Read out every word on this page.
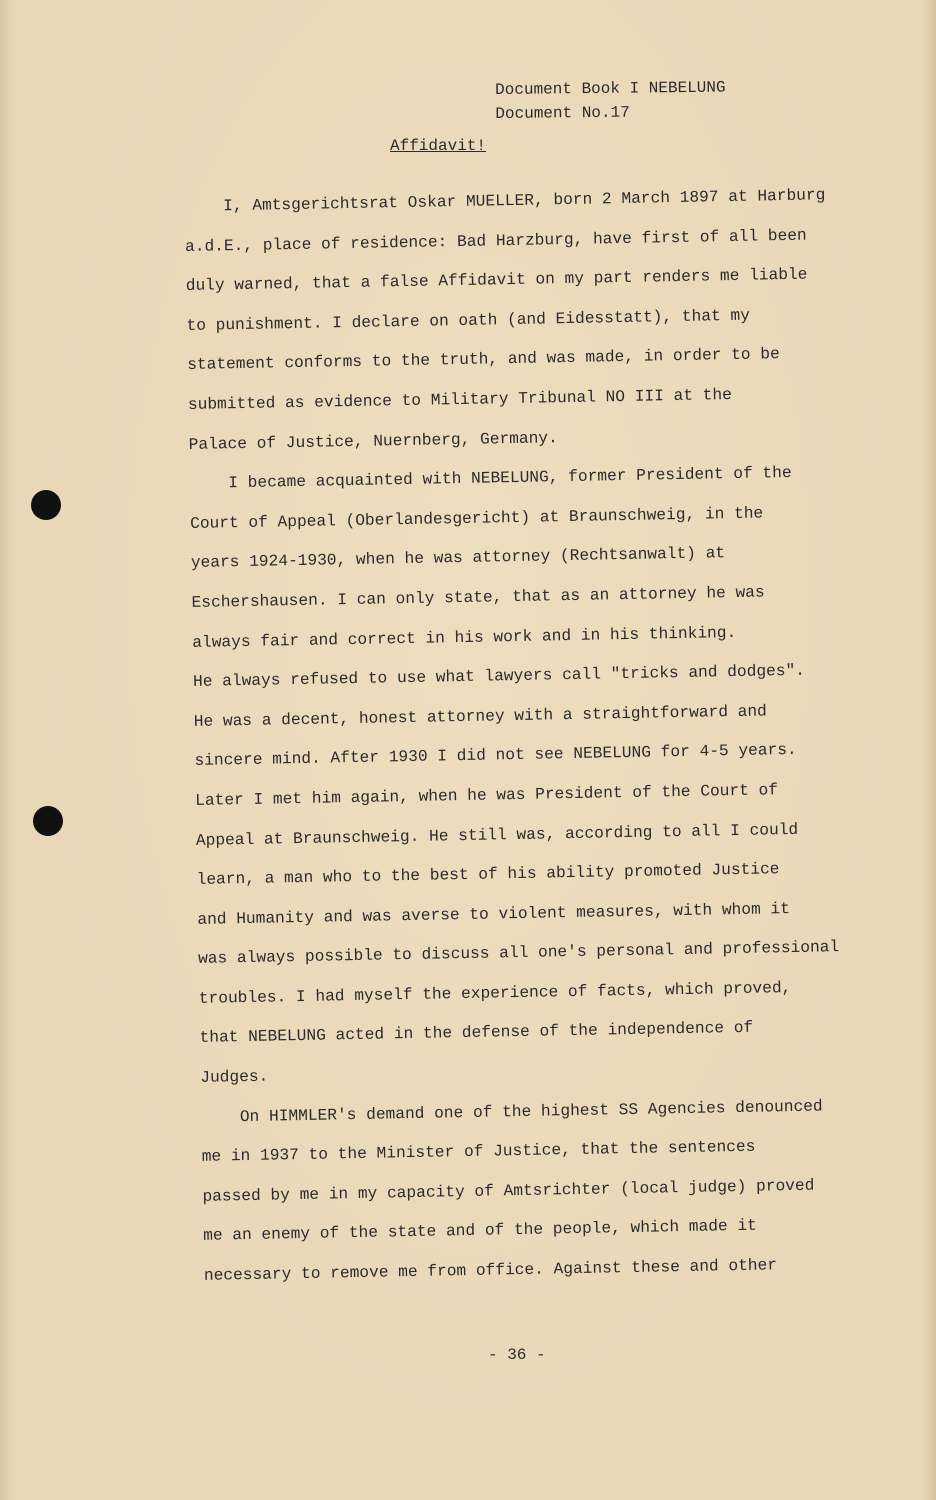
Document Book I NEBELUNG
Document No.17
Affidavit!
I, Amtsgerichtsrat Oskar MUELLER, born 2 March 1897 at Harburg
a.d.E., place of residence: Bad Harzburg, have first of all been
duly warned, that a false Affidavit on my part renders me liable
to punishment. I declare on oath (and Eidesstatt), that my
statement conforms to the truth, and was made, in order to be
submitted as evidence to Military Tribunal NO III at the
Palace of Justice, Nuernberg, Germany.
I became acquainted with NEBELUNG, former President of the
Court of Appeal (Oberlandesgericht) at Braunschweig, in the
years 1924-1930, when he was attorney (Rechtsanwalt) at
Eschershausen. I can only state, that as an attorney he was
always fair and correct in his work and in his thinking.
He always refused to use what lawyers call "tricks and dodges".
He was a decent, honest attorney with a straightforward and
sincere mind. After 1930 I did not see NEBELUNG for 4-5 years.
Later I met him again, when he was President of the Court of
Appeal at Braunschweig. He still was, according to all I could
learn, a man who to the best of his ability promoted Justice
and Humanity and was averse to violent measures, with whom it
was always possible to discuss all one's personal and professional
troubles. I had myself the experience of facts, which proved,
that NEBELUNG acted in the defense of the independence of
Judges.
On HIMMLER's demand one of the highest SS Agencies denounced
me in 1937 to the Minister of Justice, that the sentences
passed by me in my capacity of Amtsrichter (local judge) proved
me an enemy of the state and of the people, which made it
necessary to remove me from office. Against these and other
- 36 -
